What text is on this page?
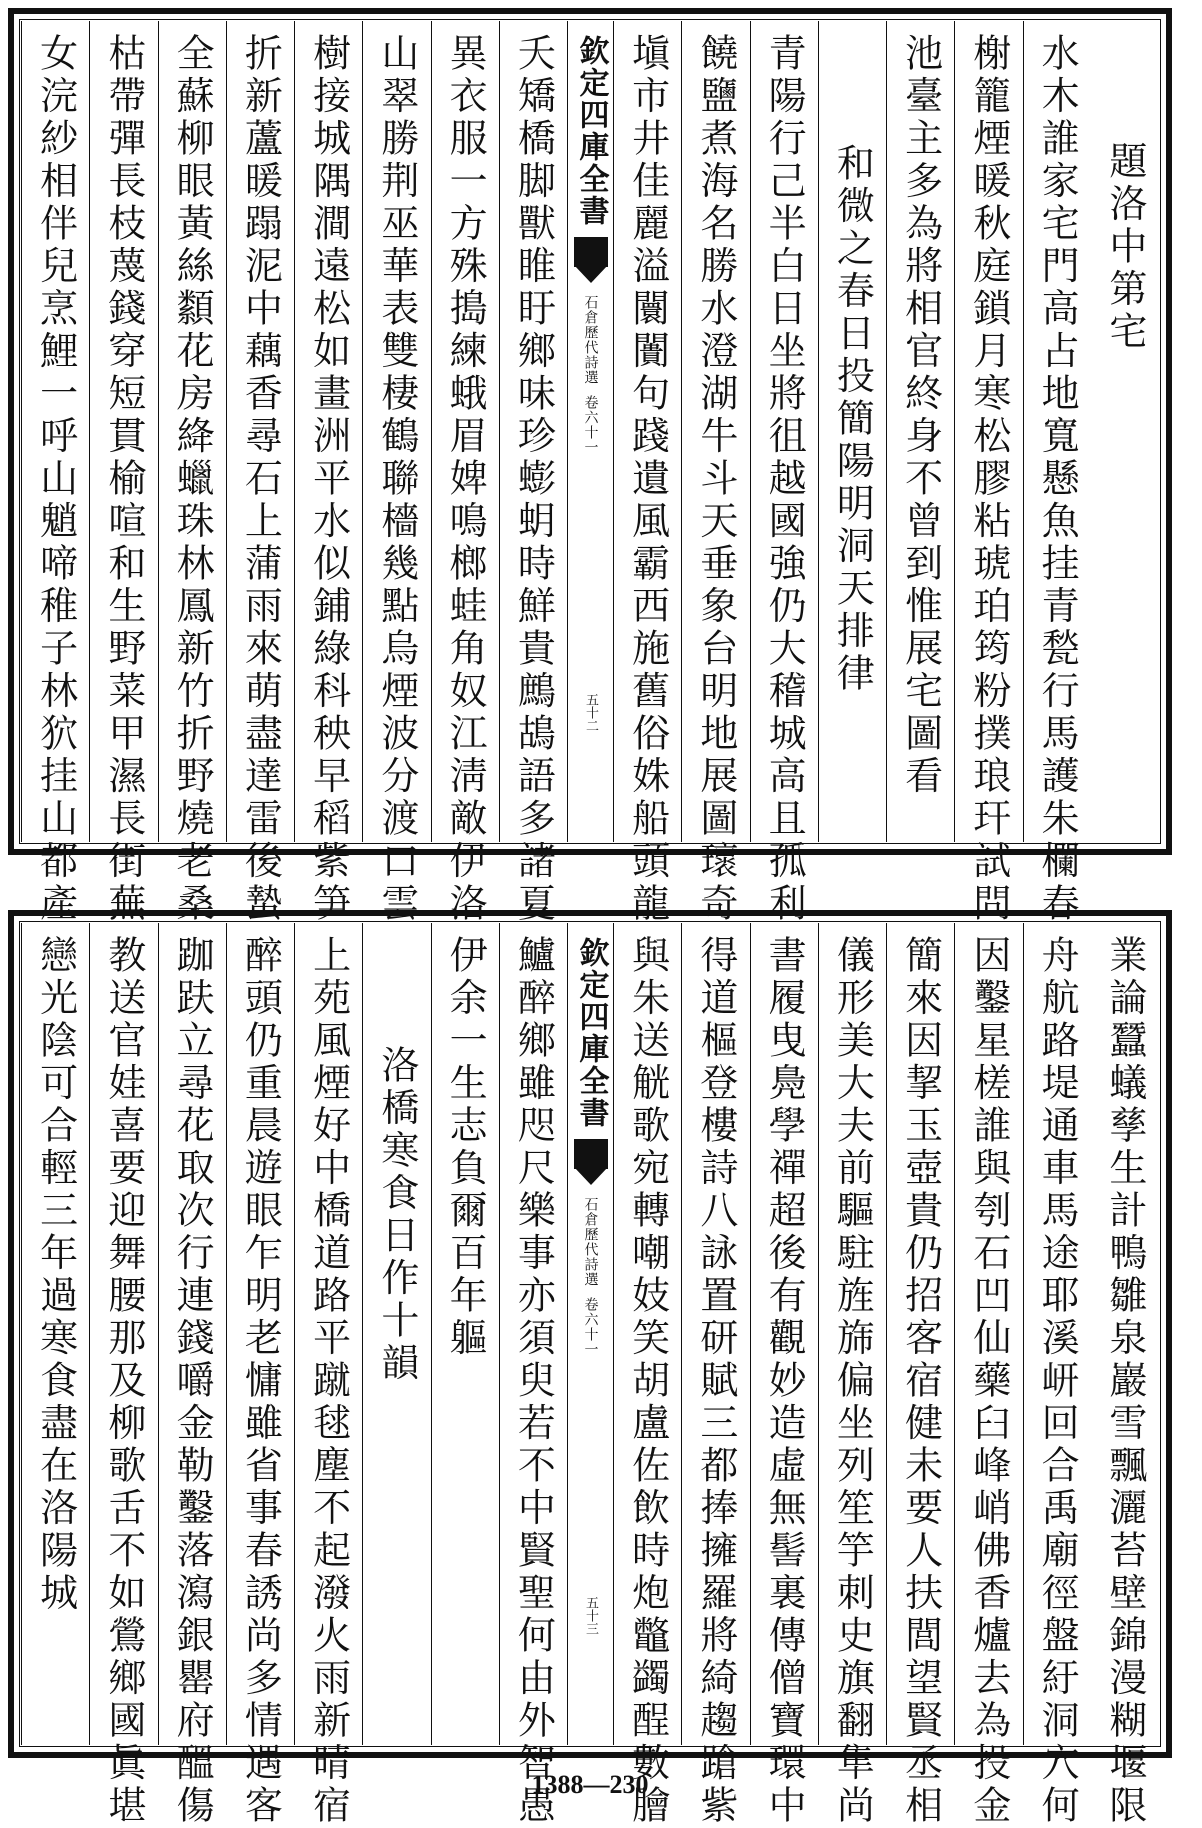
題洛中第宅
水木誰家宅門高占地寬懸魚挂青甃行馬護朱欄春
榭籠煙暖秋庭鎖月寒松膠粘琥珀筠粉撲琅玕試問
池臺主多為將相官終身不曾到惟展宅圖看
和微之春日投簡陽明洞天排律
青陽行己半白日坐將徂越國強仍大稽城高且孤利
饒鹽煮海名勝水澄湖牛斗天垂象台明地展圖瓌奇
塡市井佳麗溢闤闠句踐遺風霸西施舊俗姝船頭龍
欽定四庫全書
石倉歷代詩選
卷六十一
五十二
夭矯橋脚獸睢盱鄉味珍蟛蚏時鮮貴鷓鴣語多諸夏
異衣服一方殊搗練蛾眉婢鳴榔蛙角奴江淸敵伊洛
山翠勝荆巫華表雙棲鶴聯檣幾點烏煙波分渡口雲
樹接城隅澗遠松如畫洲平水似鋪綠科秧早稻紫笋
折新蘆暖蹋泥中藕香尋石上蒲雨來萌盡達雷後蟄
全蘇柳眼黃絲纇花房絳蠟珠林鳳新竹折野燒老桑
枯帶彈長枝蔑錢穿短貫榆喧和生野菜甲濕長街蕪
女浣紗相伴兒烹鯉一呼山魈啼稚子林狖挂山都產
業論蠶蟻孳生計鴨雛泉巖雪飄灑苔壁錦漫糊堰限
舟航路堤通車馬途耶溪岍回合禹廟徑盤紆洞穴何
因鑿星槎誰與刳石凹仙藥臼峰峭佛香爐去為投金
簡來因挈玉壺貴仍招客宿健未要人扶閭望賢丞相
儀形美大夫前驅駐旌旆偏坐列笙竽刺史旗翻隼尚
書履曳鳧學禪超後有觀妙造虛無髻裏傳僧寶環中
得道樞登樓詩八詠置研賦三都捧擁羅將綺趨蹌紫
與朱送觥歌宛轉嘲妓笑胡盧佐飲時炮鼈蠲酲數膾
欽定四庫全書
石倉歷代詩選
卷六十一
五十三
鱸醉鄉雖咫尺樂事亦須臾若不中賢聖何由外智愚
伊余一生志負爾百年軀
洛橋寒食日作十韻
上苑風煙好中橋道路平蹴毬塵不起潑火雨新晴宿
醉頭仍重晨遊眼乍明老慵雖省事春誘尚多情遇客
跏趺立尋花取次行連錢嚼金勒鑿落瀉銀罌府醞傷
教送官娃喜要迎舞腰那及柳歌舌不如鶯鄉國眞堪
戀光陰可合輕三年過寒食盡在洛陽城
1388—230
